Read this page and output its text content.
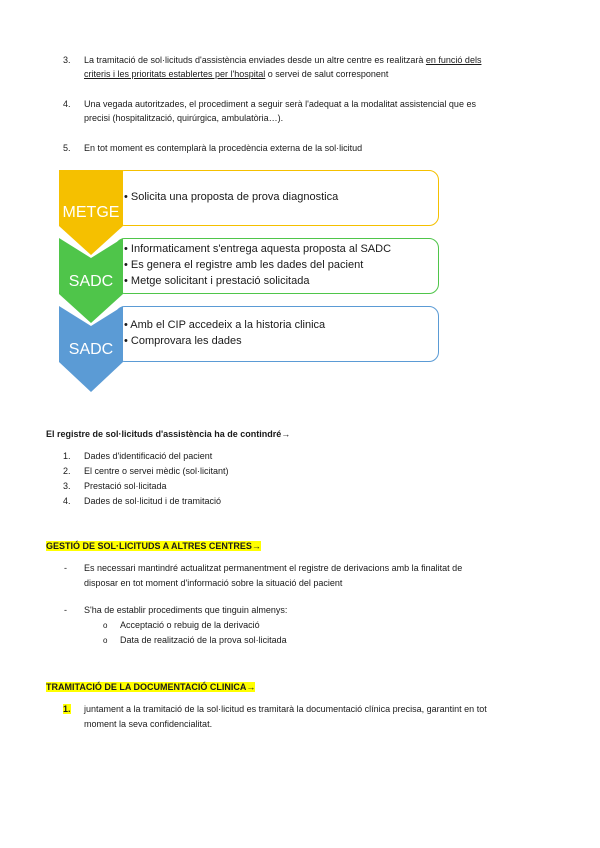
3. La tramitació de sol·licituds d'assistència enviades desde un altre centre es realitzarà en funció dels
criteris i les prioritats establertes per l'hospital o servei de salut corresponent
4. Una vegada autoritzades, el procediment a seguir serà l'adequat a la modalitat assistencial que es
precisi (hospitalització, quirúrgica, ambulatòria…).
5. En tot moment es contemplarà la procedència externa de la sol·licitud
• Solicita una proposta de prova diagnostica
• Informaticament s'entrega aquesta proposta al SADC
• Es genera el registre amb les dades del pacient
• Metge solicitant i prestació solicitada
• Amb el CIP accedeix a la historia clinica
• Comprovara les dades
METGE
SADC
SADC
El registre de sol·licituds d'assistència ha de contindré→
1. Dades d'identificació del pacient
2. El centre o servei mèdic (sol·licitant)
3. Prestació sol·licitada
4. Dades de sol·licitud i de tramitació
GESTIÓ DE SOL·LICITUDS A ALTRES CENTRES→
- Es necessari mantindré actualitzat permanentment el registre de derivacions amb la finalitat de
disposar en tot moment d'informació sobre la situació del pacient
- S'ha de establir procediments que tinguin almenys:
o Acceptació o rebuig de la derivació
o Data de realització de la prova sol·licitada
TRAMITACIÓ DE LA DOCUMENTACIÓ CLINICA→
1. juntament a la tramitació de la sol·licitud es tramitarà la documentació clínica precisa, garantint en tot
moment la seva confidencialitat.
